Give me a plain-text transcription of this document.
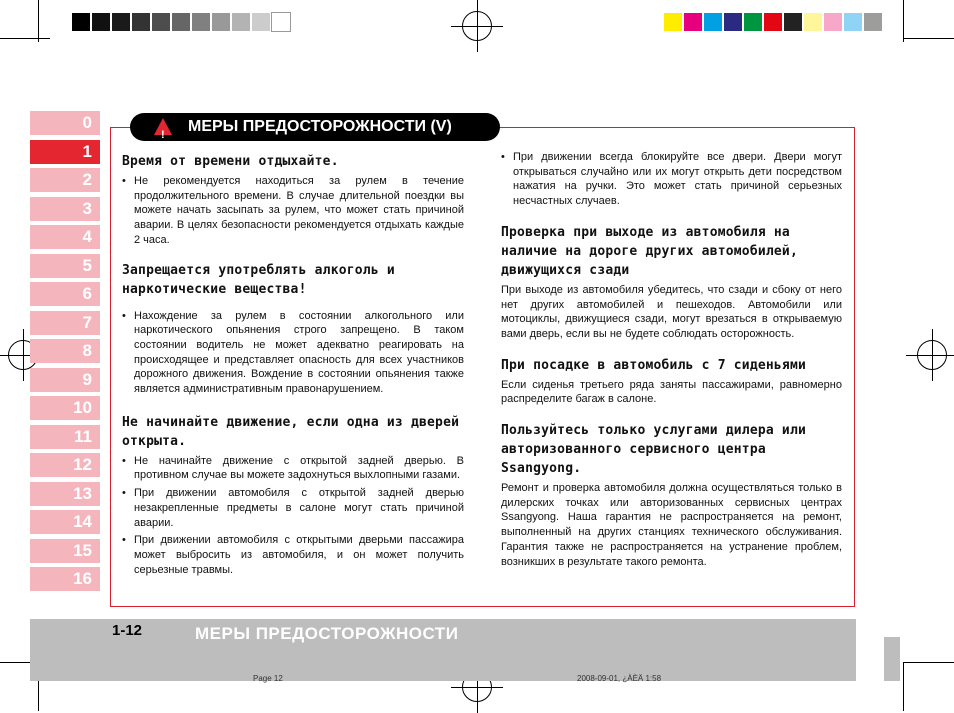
0
1
2
3
4
5
6
7
8
9
10
11
12
13
14
15
16
! МЕРЫ ПРЕДОСТОРОЖНОСТИ (V)

Время от времени отдыхайте.

• Не рекомендуется находиться за рулем в течение продолжительного времени. В случае длительной поездки вы можете начать засыпать за рулем, что может стать причиной аварии. В целях безопасности рекомендуется отдыхать каждые 2 часа.

Запрещается употреблять алкоголь и наркотические вещества!

• Нахождение за рулем в состоянии алкогольного или наркотического опьянения строго запрещено. В таком состоянии водитель не может адекватно реагировать на происходящее и представляет опасность для всех участников дорожного движения. Вождение в состоянии опьянения также является административным правонарушением.

Не начинайте движение, если одна из дверей открыта.

• Не начинайте движение с открытой задней дверью. В противном случае вы можете задохнуться выхлопными газами.

• При движении автомобиля с открытой задней дверью незакрепленные предметы в салоне могут стать причиной аварии.

• При движении автомобиля с открытыми дверьми пассажира может выбросить из автомобиля, и он может получить серьезные травмы.

• При движении всегда блокируйте все двери. Двери могут открываться случайно или их могут открыть дети посредством нажатия на ручки. Это может стать причиной серьезных несчастных случаев.

Проверка при выходе из автомобиля на наличие на дороге других автомобилей, движущихся сзади

При выходе из автомобиля убедитесь, что сзади и сбоку от него нет других автомобилей и пешеходов. Автомобили или мотоциклы, движущиеся сзади, могут врезаться в открываемую вами дверь, если вы не будете соблюдать осторожность.

При посадке в автомобиль с 7 сиденьями

Если сиденья третьего ряда заняты пассажирами, равномерно распределите багаж в салоне.

Пользуйтесь только услугами дилера или авторизованного сервисного центра Ssangyong.

Ремонт и проверка автомобиля должна осуществляться только в дилерских точках или авторизованных сервисных центрах Ssangyong. Наша гарантия не распространяется на ремонт, выполненный на других станциях технического обслуживания. Гарантия также не распространяется на устранение проблем, возникших в результате такого ремонта.

1-12	МЕРЫ ПРЕДОСТОРОЖНОСТИ
Page 12	2008-09-01, ¿ÀÈÄ 1:58
